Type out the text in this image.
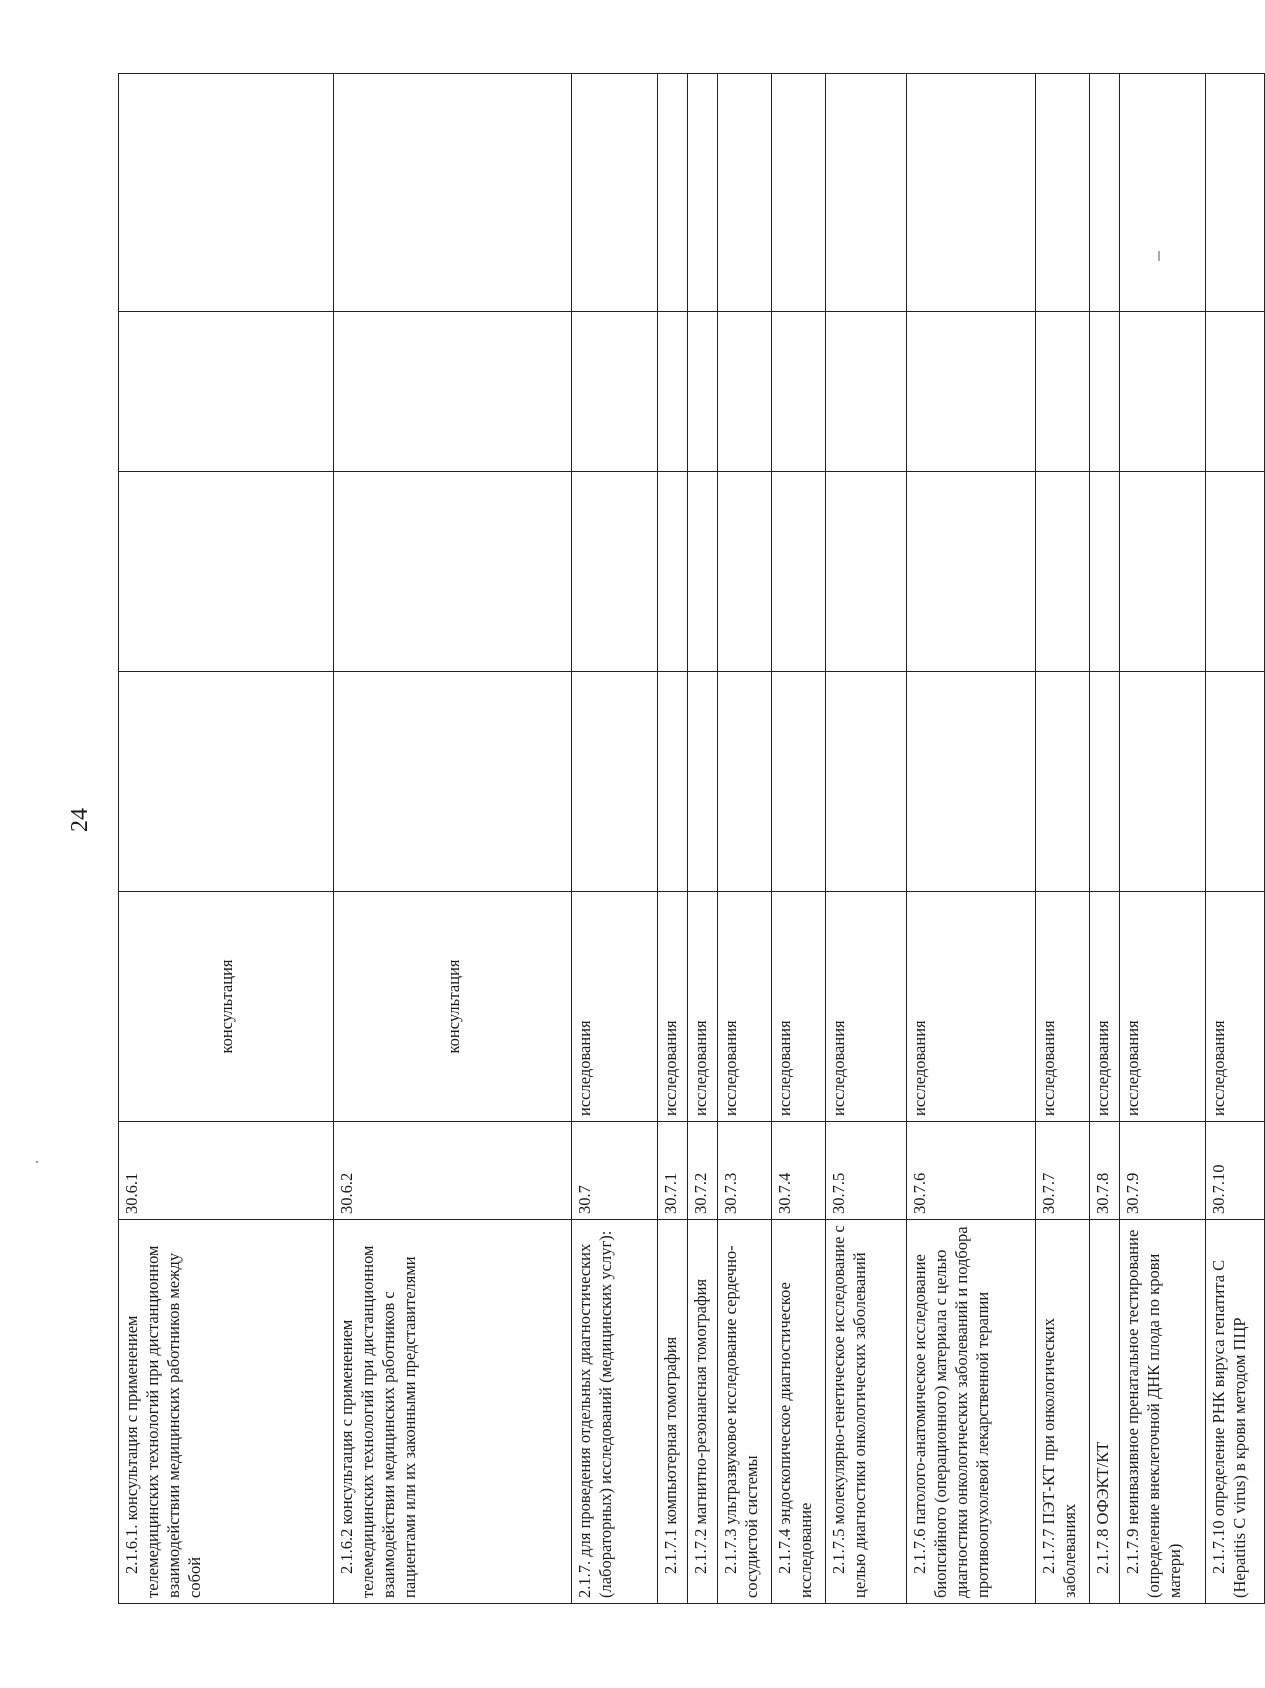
24
2.1.6.1. консультация с применением телемедицинских технологий при дистанционном взаимодействии медицинских работников между собой	30.6.1	консультация				
2.1.6.2 консультация с применением телемедицинских технологий при дистанционном взаимодействии медицинских работников с пациентами или их законными представителями	30.6.2	консультация				
2.1.7. для проведения отдельных диагностических (лабораторных) исследований (медицинских услуг):	30.7	исследования				
2.1.7.1 компьютерная томография	30.7.1	исследования				
2.1.7.2 магнитно-резонансная томография	30.7.2	исследования				
2.1.7.3 ультразвуковое исследование сердечно-сосудистой системы	30.7.3	исследования				
2.1.7.4 эндоскопическое диагностическое исследование	30.7.4	исследования				
2.1.7.5 молекулярно-генетическое исследование с целью диагностики онкологических заболеваний	30.7.5	исследования				
2.1.7.6 патолого-анатомическое исследование биопсийного (операционного) материала с целью диагностики онкологических заболеваний и подбора противоопухолевой лекарственной терапии	30.7.6	исследования				
2.1.7.7 ПЭТ-КТ при онкологических заболеваниях	30.7.7	исследования				
2.1.7.8 ОФЭКТ/КТ	30.7.8	исследования				
2.1.7.9 неинвазивное пренатальное тестирование (определение внеклеточной ДНК плода по крови матери)	30.7.9	исследования				
2.1.7.10 определение РНК вируса гепатита С (Hepatitis C virus) в крови методом ПЦР	30.7.10	исследования				
